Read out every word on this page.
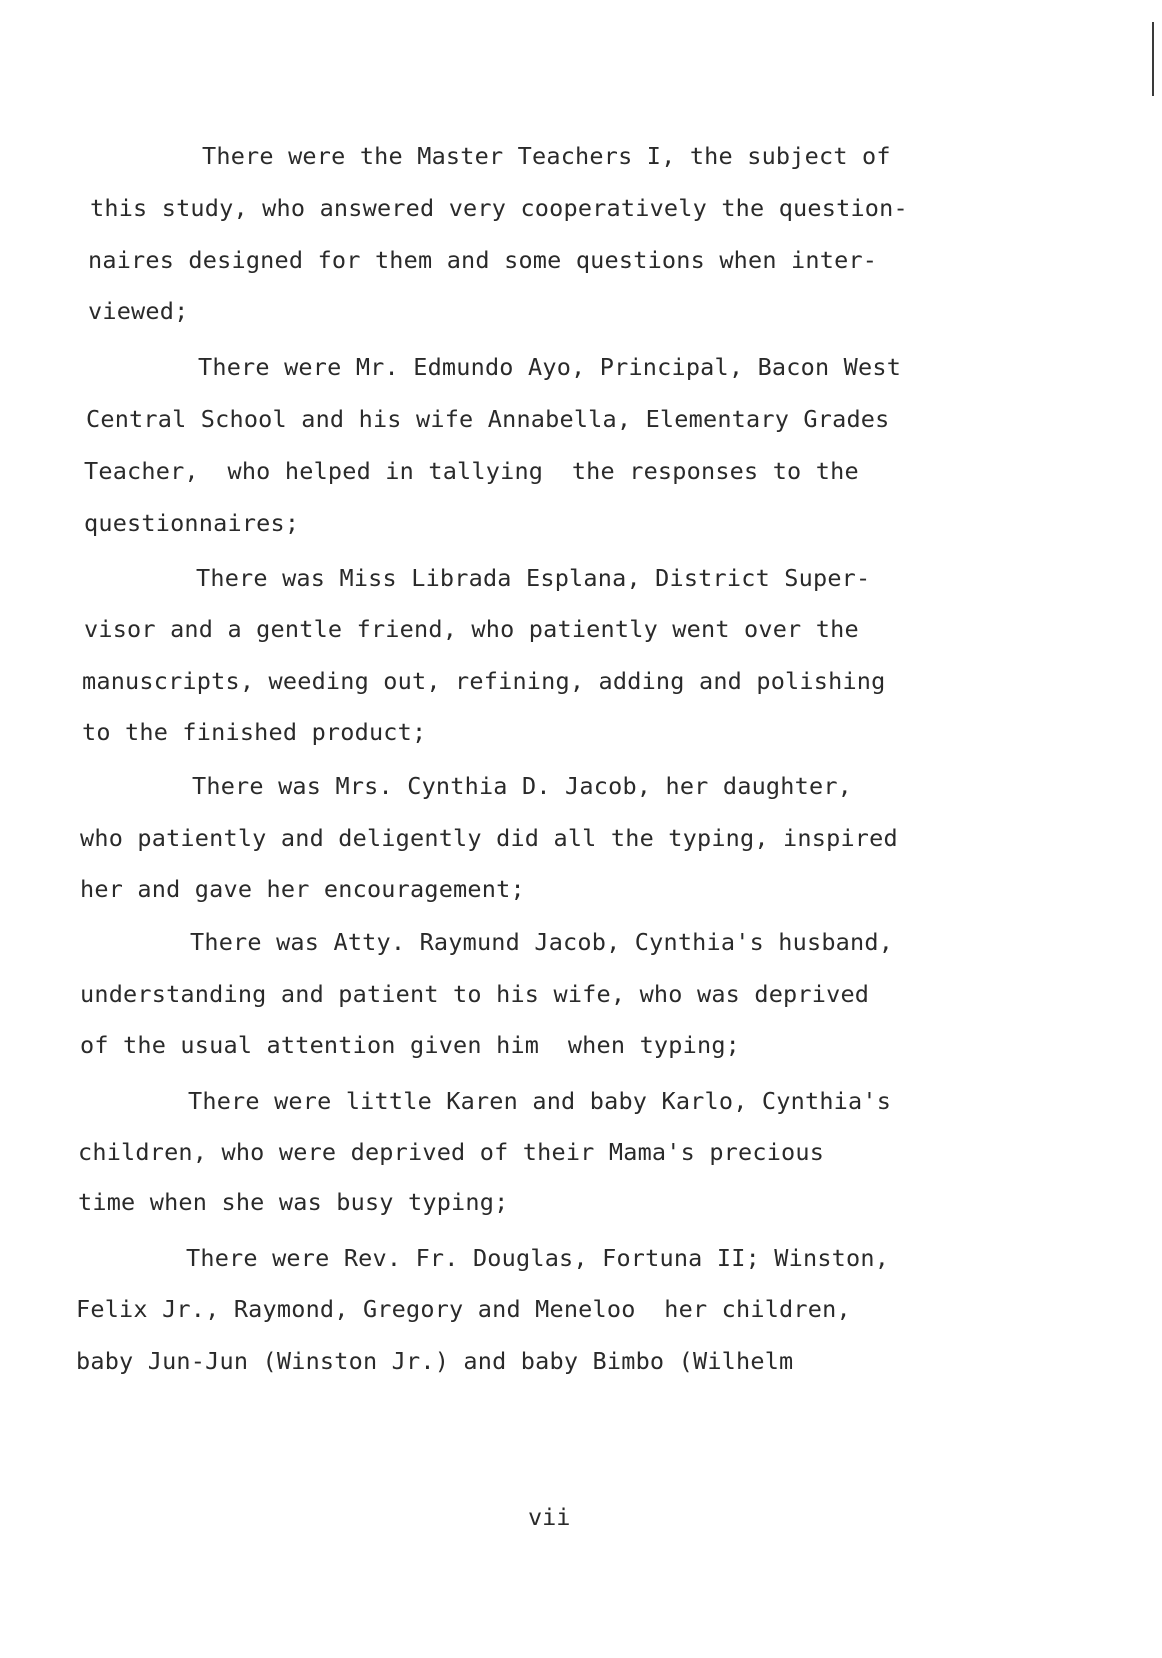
There were the Master Teachers I, the subject of
this study, who answered very cooperatively the question-
naires designed for them and some questions when inter-
viewed;
There were Mr. Edmundo Ayo, Principal, Bacon West
Central School and his wife Annabella, Elementary Grades
Teacher,  who helped in tallying  the responses to the
questionnaires;
There was Miss Librada Esplana, District Super-
visor and a gentle friend, who patiently went over the
manuscripts, weeding out, refining, adding and polishing
to the finished product;
There was Mrs. Cynthia D. Jacob, her daughter,
who patiently and deligently did all the typing, inspired
her and gave her encouragement;
There was Atty. Raymund Jacob, Cynthia's husband,
understanding and patient to his wife, who was deprived
of the usual attention given him  when typing;
There were little Karen and baby Karlo, Cynthia's
children, who were deprived of their Mama's precious
time when she was busy typing;
There were Rev. Fr. Douglas, Fortuna II; Winston,
Felix Jr., Raymond, Gregory and Meneloo  her children,
baby Jun-Jun (Winston Jr.) and baby Bimbo (Wilhelm
vii
